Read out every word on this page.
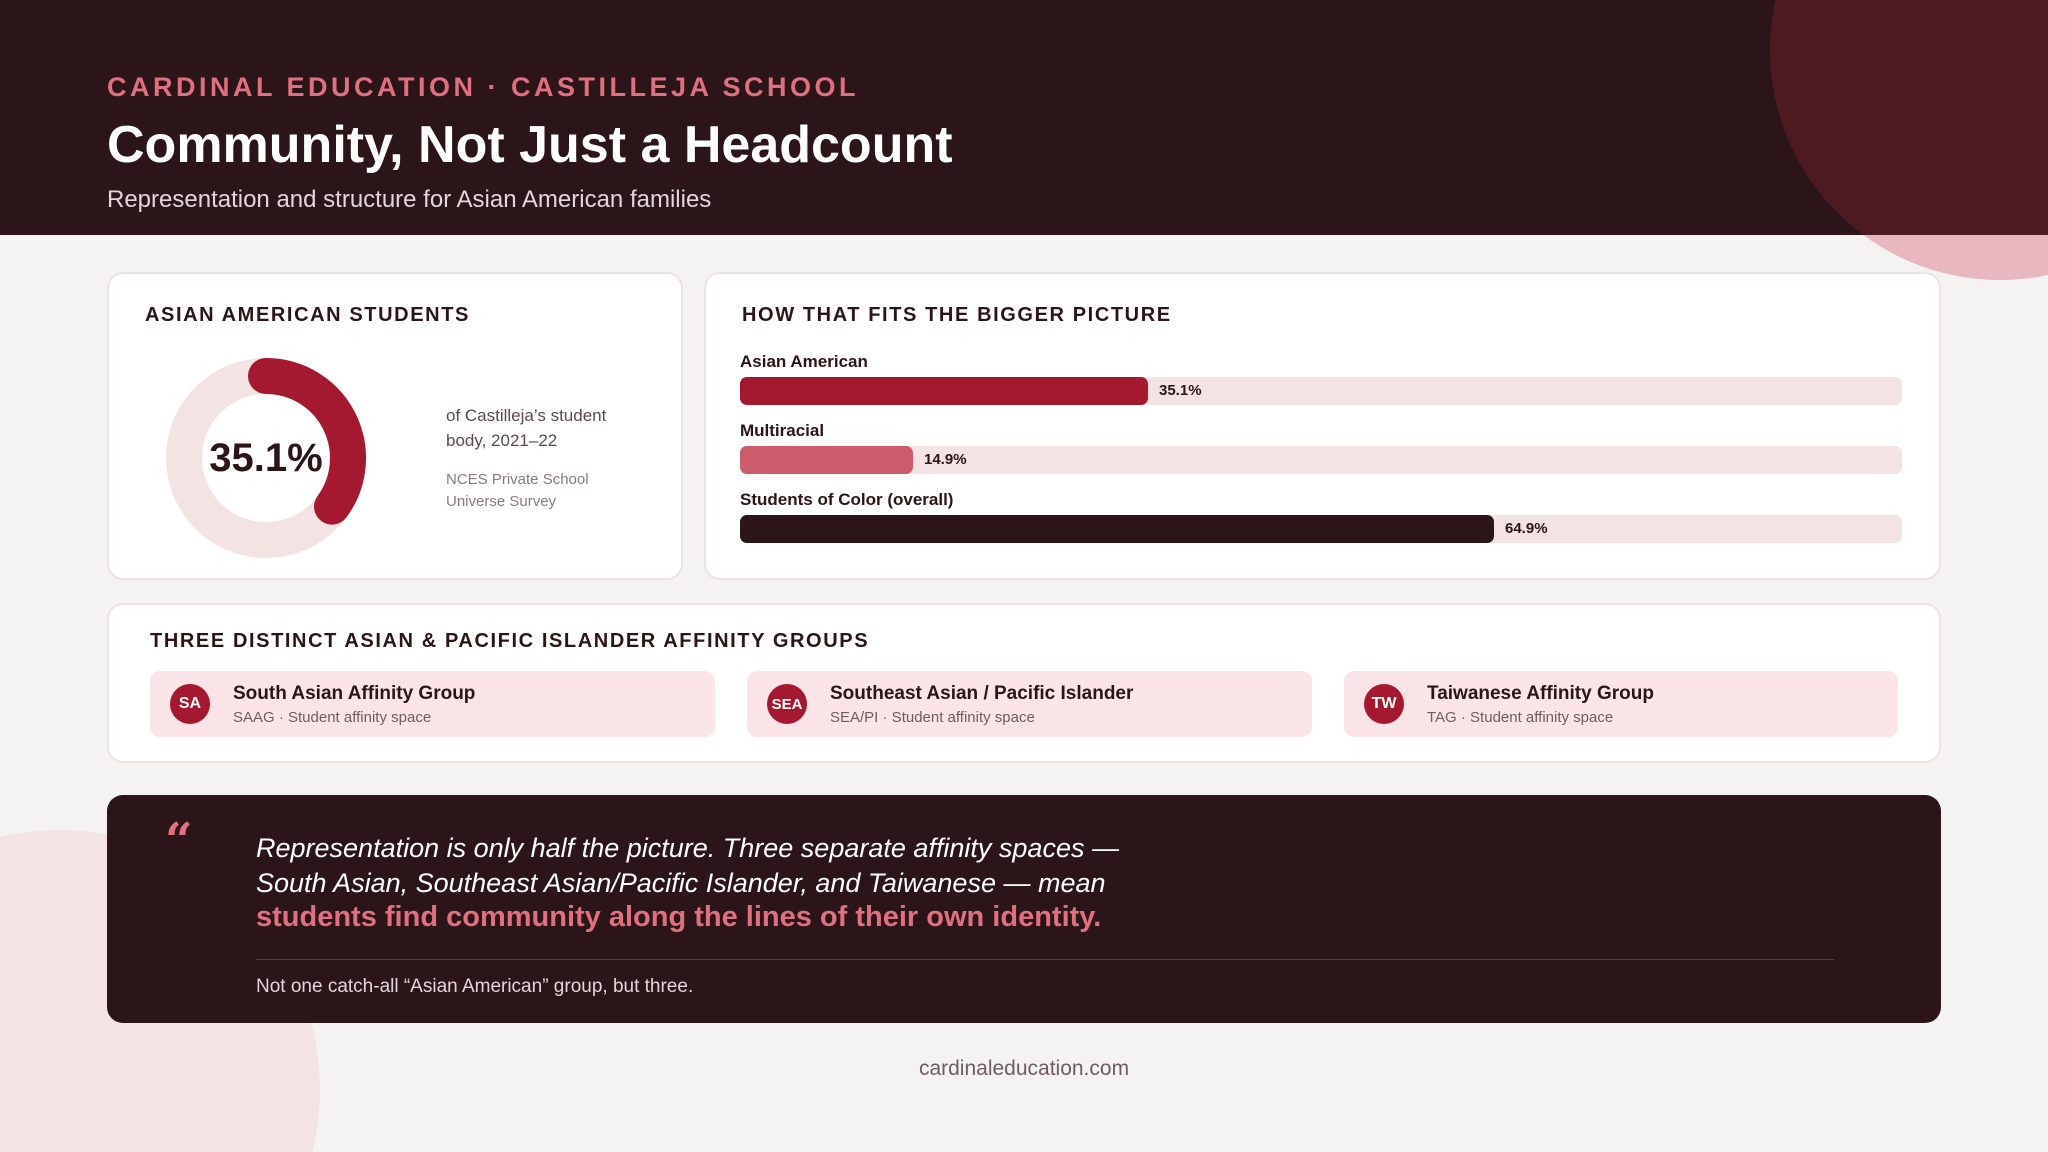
CARDINAL EDUCATION · CASTILLEJA SCHOOL
Community, Not Just a Headcount
Representation and structure for Asian American families
ASIAN AMERICAN STUDENTS
35.1%
of Castilleja’s student body, 2021–22
NCES Private School Universe Survey
HOW THAT FITS THE BIGGER PICTURE
Asian American
35.1%
Multiracial
14.9%
Students of Color (overall)
64.9%
THREE DISTINCT ASIAN & PACIFIC ISLANDER AFFINITY GROUPS
SA	South Asian Affinity Group
SAAG · Student affinity space
SEA Southeast Asian / Pacific Islander
SEA/PI · Student affinity space
TW	Taiwanese Affinity Group
TAG · Student affinity space
“ Representation is only half the picture. Three separate affinity spaces — South Asian, Southeast Asian/Pacific Islander, and Taiwanese — mean
students find community along the lines of their own identity.
Not one catch-all “Asian American” group, but three.
cardinaleducation.com
